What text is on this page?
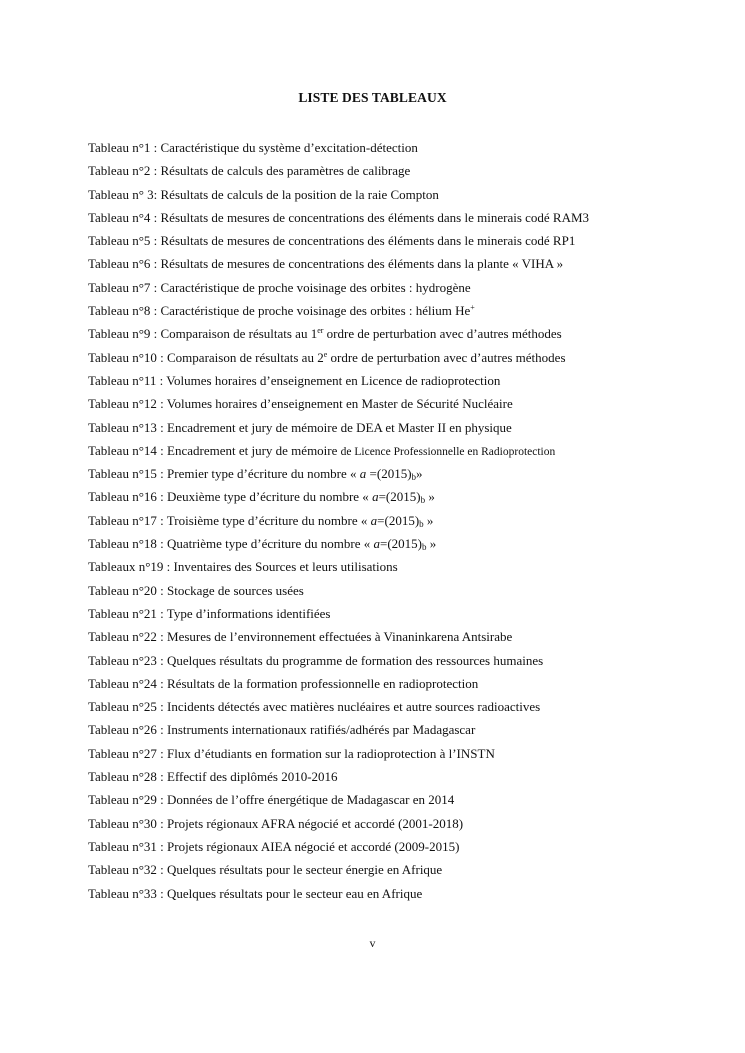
LISTE DES TABLEAUX
Tableau n°1 : Caractéristique du système d’excitation-détection
Tableau n°2 : Résultats de calculs des paramètres de calibrage
Tableau n° 3: Résultats de calculs de la position de la raie Compton
Tableau n°4 : Résultats de mesures de concentrations des éléments dans le minerais codé RAM3
Tableau n°5 : Résultats de mesures de concentrations des éléments dans le minerais codé RP1
Tableau n°6 : Résultats de mesures de concentrations des éléments dans la plante « VIHA »
Tableau n°7 : Caractéristique de proche voisinage des orbites : hydrogène
Tableau n°8 : Caractéristique de proche voisinage des orbites : hélium He+
Tableau n°9 : Comparaison de résultats au 1er ordre de perturbation avec d’autres méthodes
Tableau n°10 : Comparaison de résultats au 2e ordre de perturbation avec d’autres méthodes
Tableau n°11 : Volumes horaires d’enseignement en Licence de radioprotection
Tableau n°12 : Volumes horaires d’enseignement en Master de Sécurité Nucléaire
Tableau n°13 : Encadrement et jury de mémoire de DEA et Master II en physique
Tableau n°14 : Encadrement et jury de mémoire de Licence Professionnelle en Radioprotection
Tableau n°15 : Premier type d’écriture du nombre « $a =(2015)_b$»
Tableau n°16 : Deuxième type d’écriture du nombre « $a=(2015)_b$ »
Tableau n°17 : Troisième type d’écriture du nombre « $a=(2015)_b$ »
Tableau n°18 : Quatrième type d’écriture du nombre « $a=(2015)_b$ »
Tableaux n°19 : Inventaires des Sources et leurs utilisations
Tableau n°20 : Stockage de sources usées
Tableau n°21 : Type d’informations identifiées
Tableau n°22 : Mesures de l’environnement effectuées à Vinaninkarena Antsirabe
Tableau n°23 : Quelques résultats du programme de formation des ressources humaines
Tableau n°24 : Résultats de la formation professionnelle en radioprotection
Tableau n°25 : Incidents détectés avec matières nucléaires et autre sources radioactives
Tableau n°26 : Instruments internationaux ratifiés/adhérés par Madagascar
Tableau n°27 : Flux d’étudiants en formation sur la radioprotection à l’INSTN
Tableau n°28 : Effectif des diplômés 2010-2016
Tableau n°29 : Données de l’offre énergétique de Madagascar en 2014
Tableau n°30 : Projets régionaux AFRA négocié et accordé (2001-2018)
Tableau n°31 : Projets régionaux AIEA négocié et accordé (2009-2015)
Tableau n°32 : Quelques résultats pour le secteur énergie en Afrique
Tableau n°33 : Quelques résultats pour le secteur eau en Afrique
v
